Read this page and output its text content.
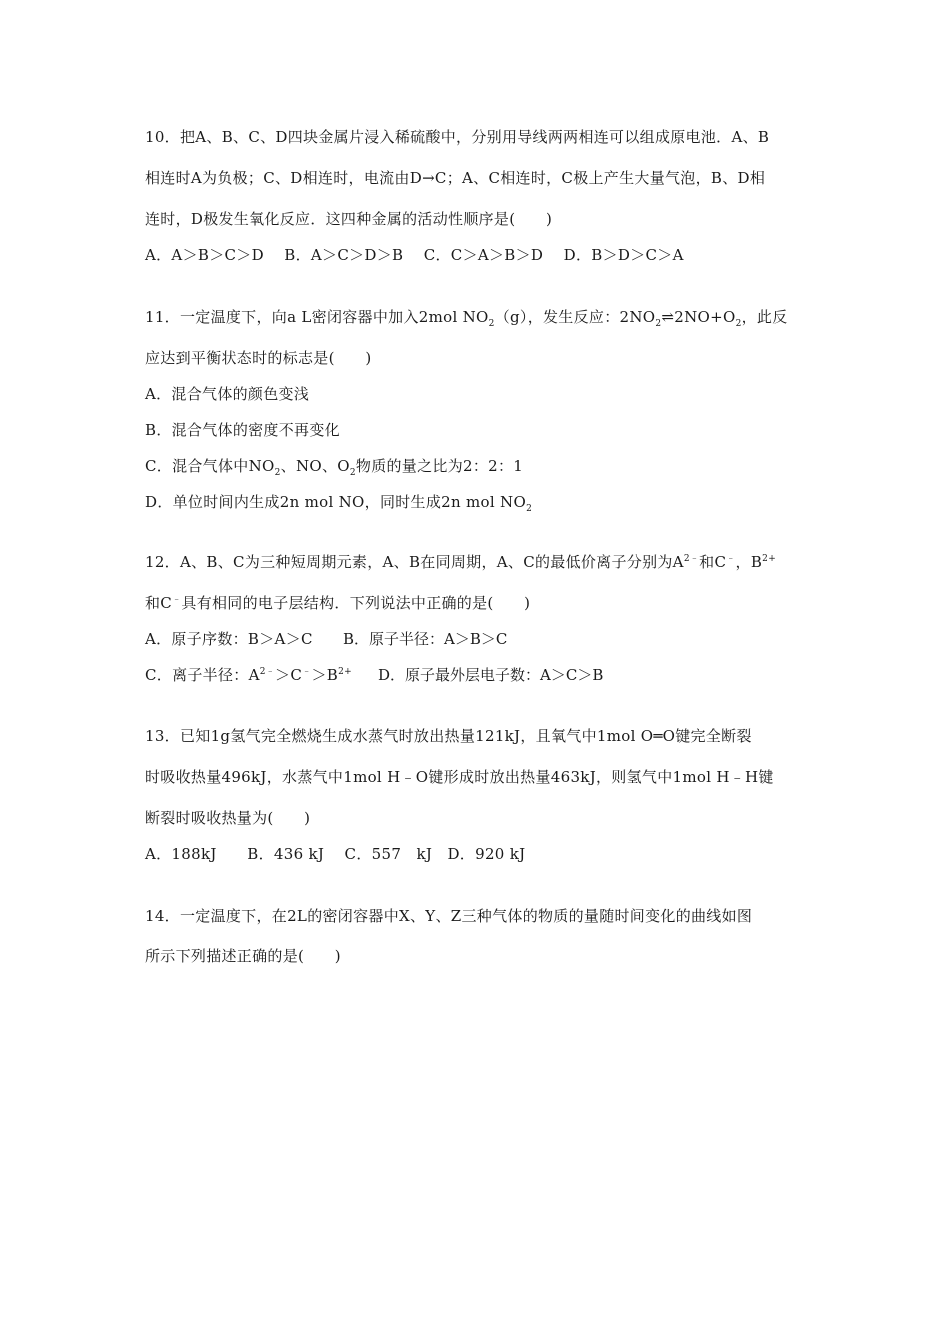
10．把A、B、C、D四块金属片浸入稀硫酸中，分别用导线两两相连可以组成原电池．A、B
相连时A为负极；C、D相连时，电流由D→C；A、C相连时，C极上产生大量气泡，B、D相
连时，D极发生氧化反应．这四种金属的活动性顺序是(　　)
A．A＞B＞C＞D　 B．A＞C＞D＞B　 C．C＞A＞B＞D　 D．B＞D＞C＞A
11．一定温度下，向a L密闭容器中加入2mol $NO_2(g)$，发生反应：$2NO_2\rightleftharpoons 2NO+O_2$，此反
应达到平衡状态时的标志是(　　)
A．混合气体的颜色变浅
B．混合气体的密度不再变化
C．混合气体中$NO_2$、NO、$O_2$物质的量之比为2：2：1
D．单位时间内生成2n mol NO，同时生成2n mol $NO_2$
12．A、B、C为三种短周期元素，A、B在同周期，A、C的最低价离子分别为$A^{2﹣}$和C﹣，$B^{2+}$
和C﹣具有相同的电子层结构．下列说法中正确的是(　　)
A．原子序数：B＞A＞C B．原子半径：A＞B＞C
C．离子半径：$A^{2﹣}>C^﹣>B^{2+}$ D．原子最外层电子数：A＞C＞B
13．已知1g氢气完全燃烧生成水蒸气时放出热量121kJ，且氧气中1mol O═O键完全断裂
时吸收热量496kJ，水蒸气中1mol H﹣O键形成时放出热量463kJ，则氢气中1mol H﹣H键
断裂时吸收热量为(　　)
A．188kJ　　B．436 kJ　 C．557　kJ　D．920 kJ
14．一定温度下，在2L的密闭容器中X、Y、Z三种气体的物质的量随时间变化的曲线如图
所示下列描述正确的是(　　)
